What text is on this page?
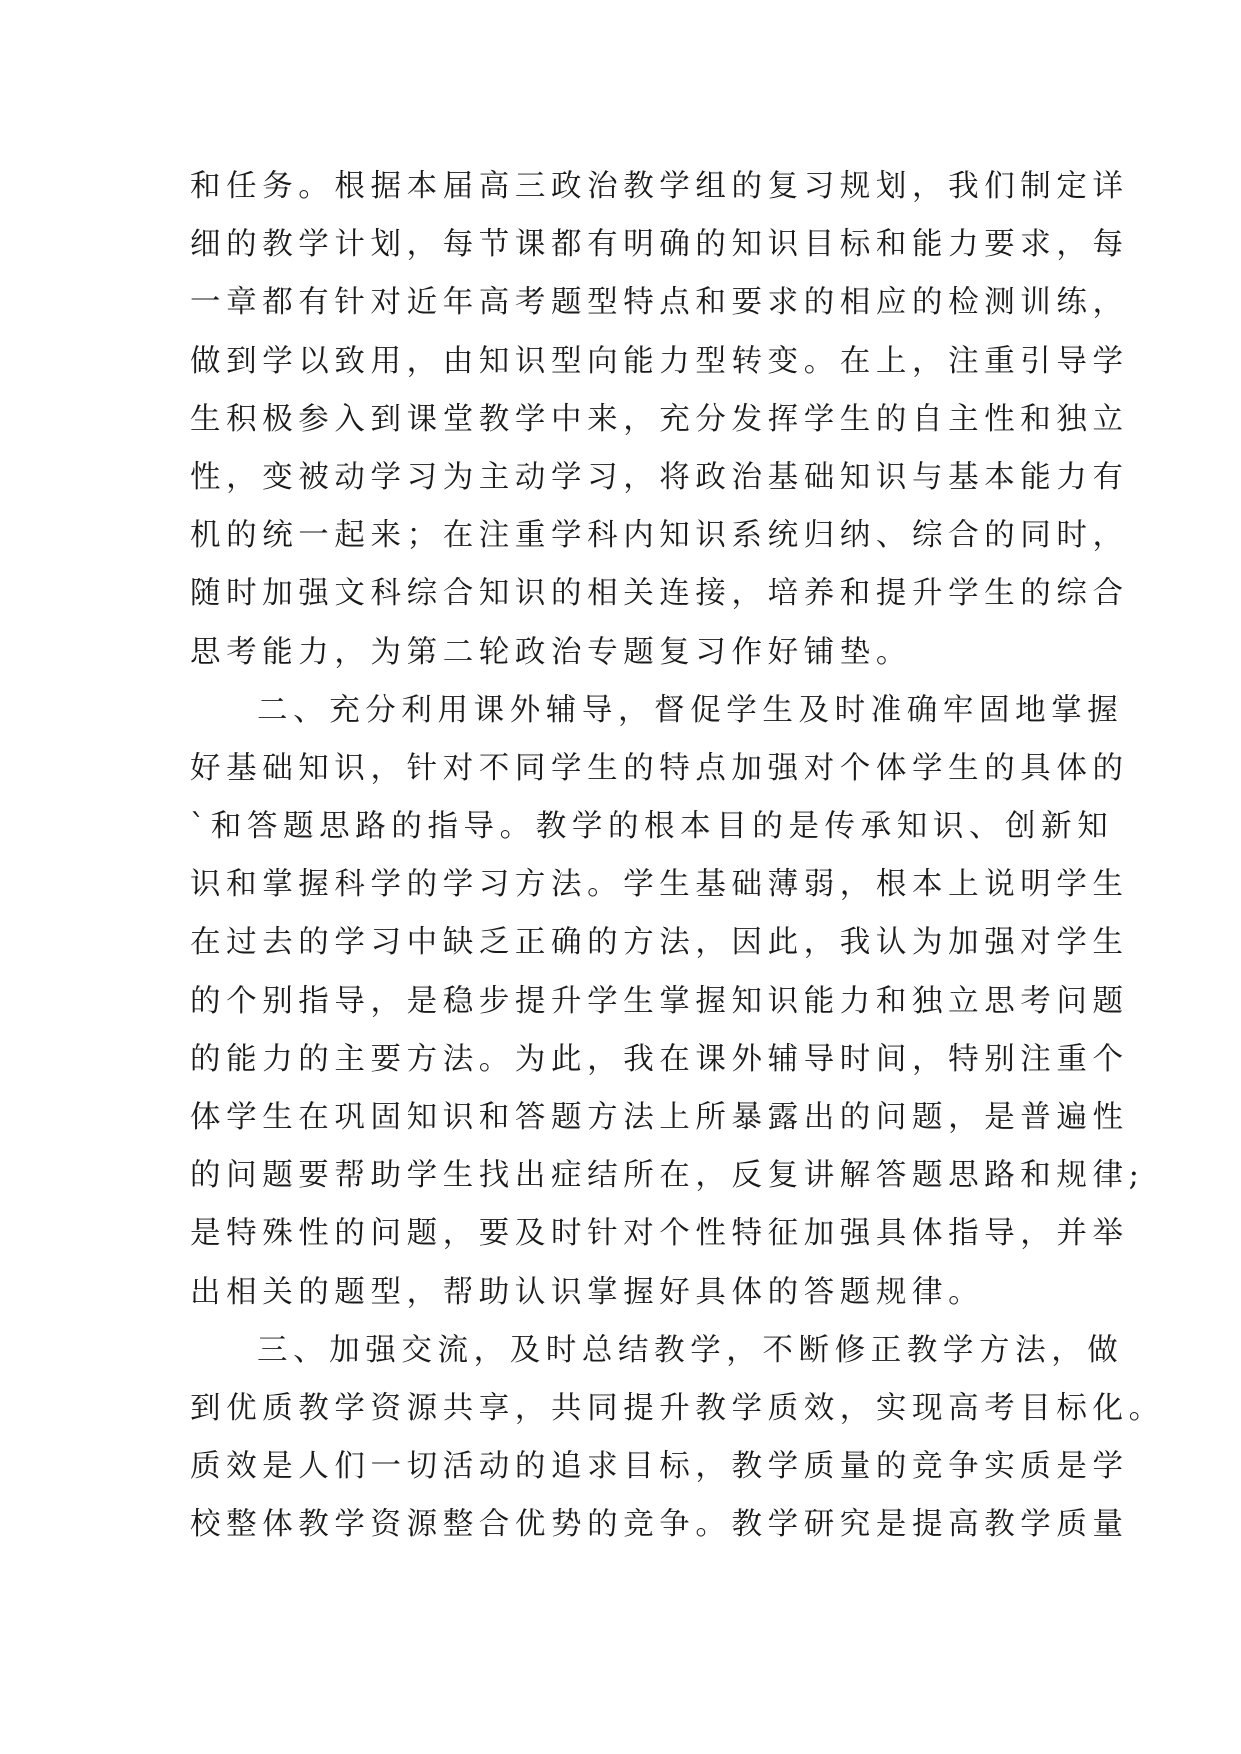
和任务。根据本届高三政治教学组的复习规划，我们制定详
细的教学计划，每节课都有明确的知识目标和能力要求，每
一章都有针对近年高考题型特点和要求的相应的检测训练，
做到学以致用，由知识型向能力型转变。在上，注重引导学
生积极参入到课堂教学中来，充分发挥学生的自主性和独立
性，变被动学习为主动学习，将政治基础知识与基本能力有
机的统一起来；在注重学科内知识系统归纳、综合的同时，
随时加强文科综合知识的相关连接，培养和提升学生的综合
思考能力，为第二轮政治专题复习作好铺垫。
二、充分利用课外辅导，督促学生及时准确牢固地掌握
好基础知识，针对不同学生的特点加强对个体学生的具体的
`和答题思路的指导。教学的根本目的是传承知识、创新知
识和掌握科学的学习方法。学生基础薄弱，根本上说明学生
在过去的学习中缺乏正确的方法，因此，我认为加强对学生
的个别指导，是稳步提升学生掌握知识能力和独立思考问题
的能力的主要方法。为此，我在课外辅导时间，特别注重个
体学生在巩固知识和答题方法上所暴露出的问题，是普遍性
的问题要帮助学生找出症结所在，反复讲解答题思路和规律;
是特殊性的问题，要及时针对个性特征加强具体指导，并举
出相关的题型，帮助认识掌握好具体的答题规律。
三、加强交流，及时总结教学，不断修正教学方法，做
到优质教学资源共享，共同提升教学质效，实现高考目标化。
质效是人们一切活动的追求目标，教学质量的竞争实质是学
校整体教学资源整合优势的竞争。教学研究是提高教学质量
